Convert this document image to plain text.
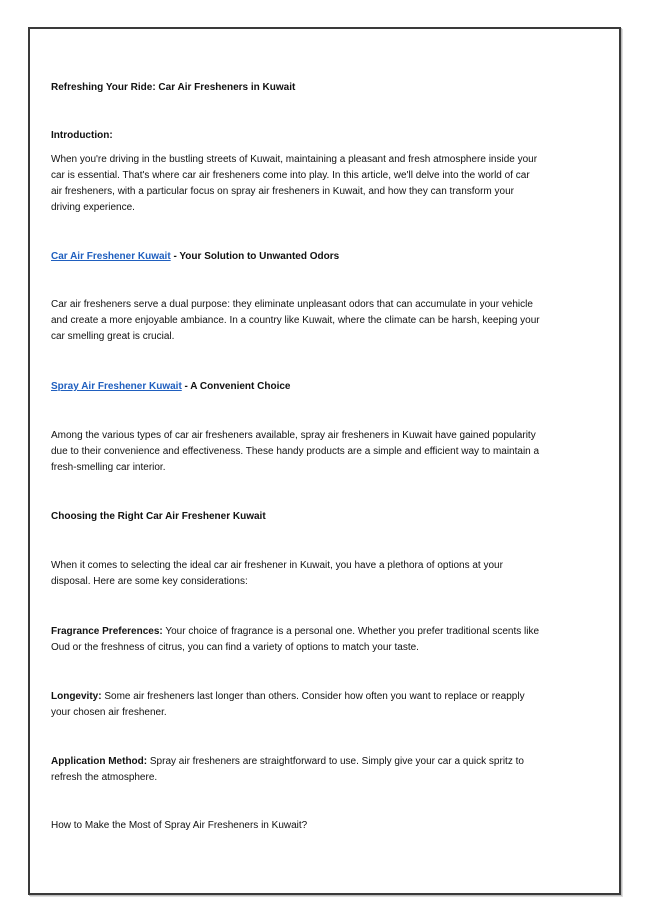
Refreshing Your Ride: Car Air Fresheners in Kuwait

Introduction:

When you're driving in the bustling streets of Kuwait, maintaining a pleasant and fresh atmosphere inside your car is essential. That's where car air fresheners come into play. In this article, we'll delve into the world of car air fresheners, with a particular focus on spray air fresheners in Kuwait, and how they can transform your driving experience.

Car Air Freshener Kuwait - Your Solution to Unwanted Odors

Car air fresheners serve a dual purpose: they eliminate unpleasant odors that can accumulate in your vehicle and create a more enjoyable ambiance. In a country like Kuwait, where the climate can be harsh, keeping your car smelling great is crucial.

Spray Air Freshener Kuwait - A Convenient Choice

Among the various types of car air fresheners available, spray air fresheners in Kuwait have gained popularity due to their convenience and effectiveness. These handy products are a simple and efficient way to maintain a fresh-smelling car interior.

Choosing the Right Car Air Freshener Kuwait

When it comes to selecting the ideal car air freshener in Kuwait, you have a plethora of options at your disposal. Here are some key considerations:

Fragrance Preferences: Your choice of fragrance is a personal one. Whether you prefer traditional scents like Oud or the freshness of citrus, you can find a variety of options to match your taste.

Longevity: Some air fresheners last longer than others. Consider how often you want to replace or reapply your chosen air freshener.

Application Method: Spray air fresheners are straightforward to use. Simply give your car a quick spritz to refresh the atmosphere.

How to Make the Most of Spray Air Fresheners in Kuwait?
